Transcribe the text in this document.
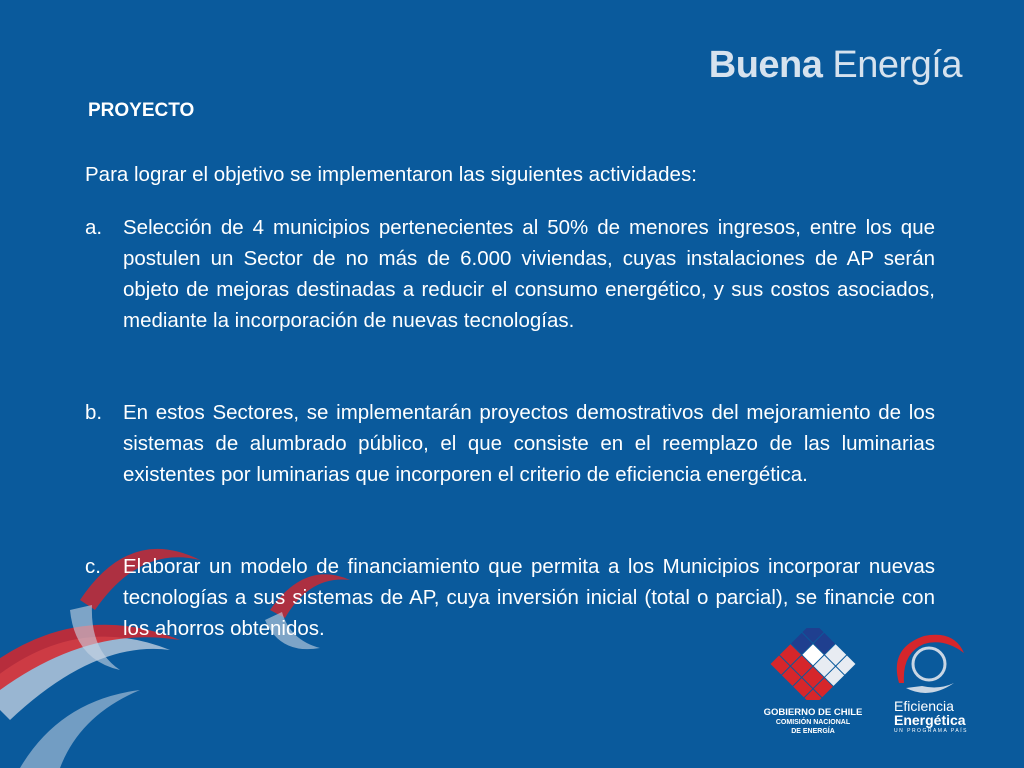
Buena Energía
PROYECTO
Para lograr el objetivo se implementaron las siguientes actividades:
a. Selección de 4 municipios pertenecientes al 50% de menores ingresos, entre los que postulen un Sector de no más de 6.000 viviendas, cuyas instalaciones de AP serán objeto de mejoras destinadas a reducir el consumo energético, y sus costos asociados, mediante la incorporación de nuevas tecnologías.
b. En estos Sectores, se implementarán proyectos demostrativos del mejoramiento de los sistemas de alumbrado público, el que consiste en el reemplazo de las luminarias existentes por luminarias que incorporen el criterio de eficiencia energética.
c. Elaborar un modelo de financiamiento que permita a los Municipios incorporar nuevas tecnologías a sus sistemas de AP, cuya inversión inicial (total o parcial), se financie con los ahorros obtenidos.
GOBIERNO DE CHILE
COMISIÓN NACIONAL
DE ENERGÍA
Eficiencia
Energética
UN PROGRAMA PAÍS
